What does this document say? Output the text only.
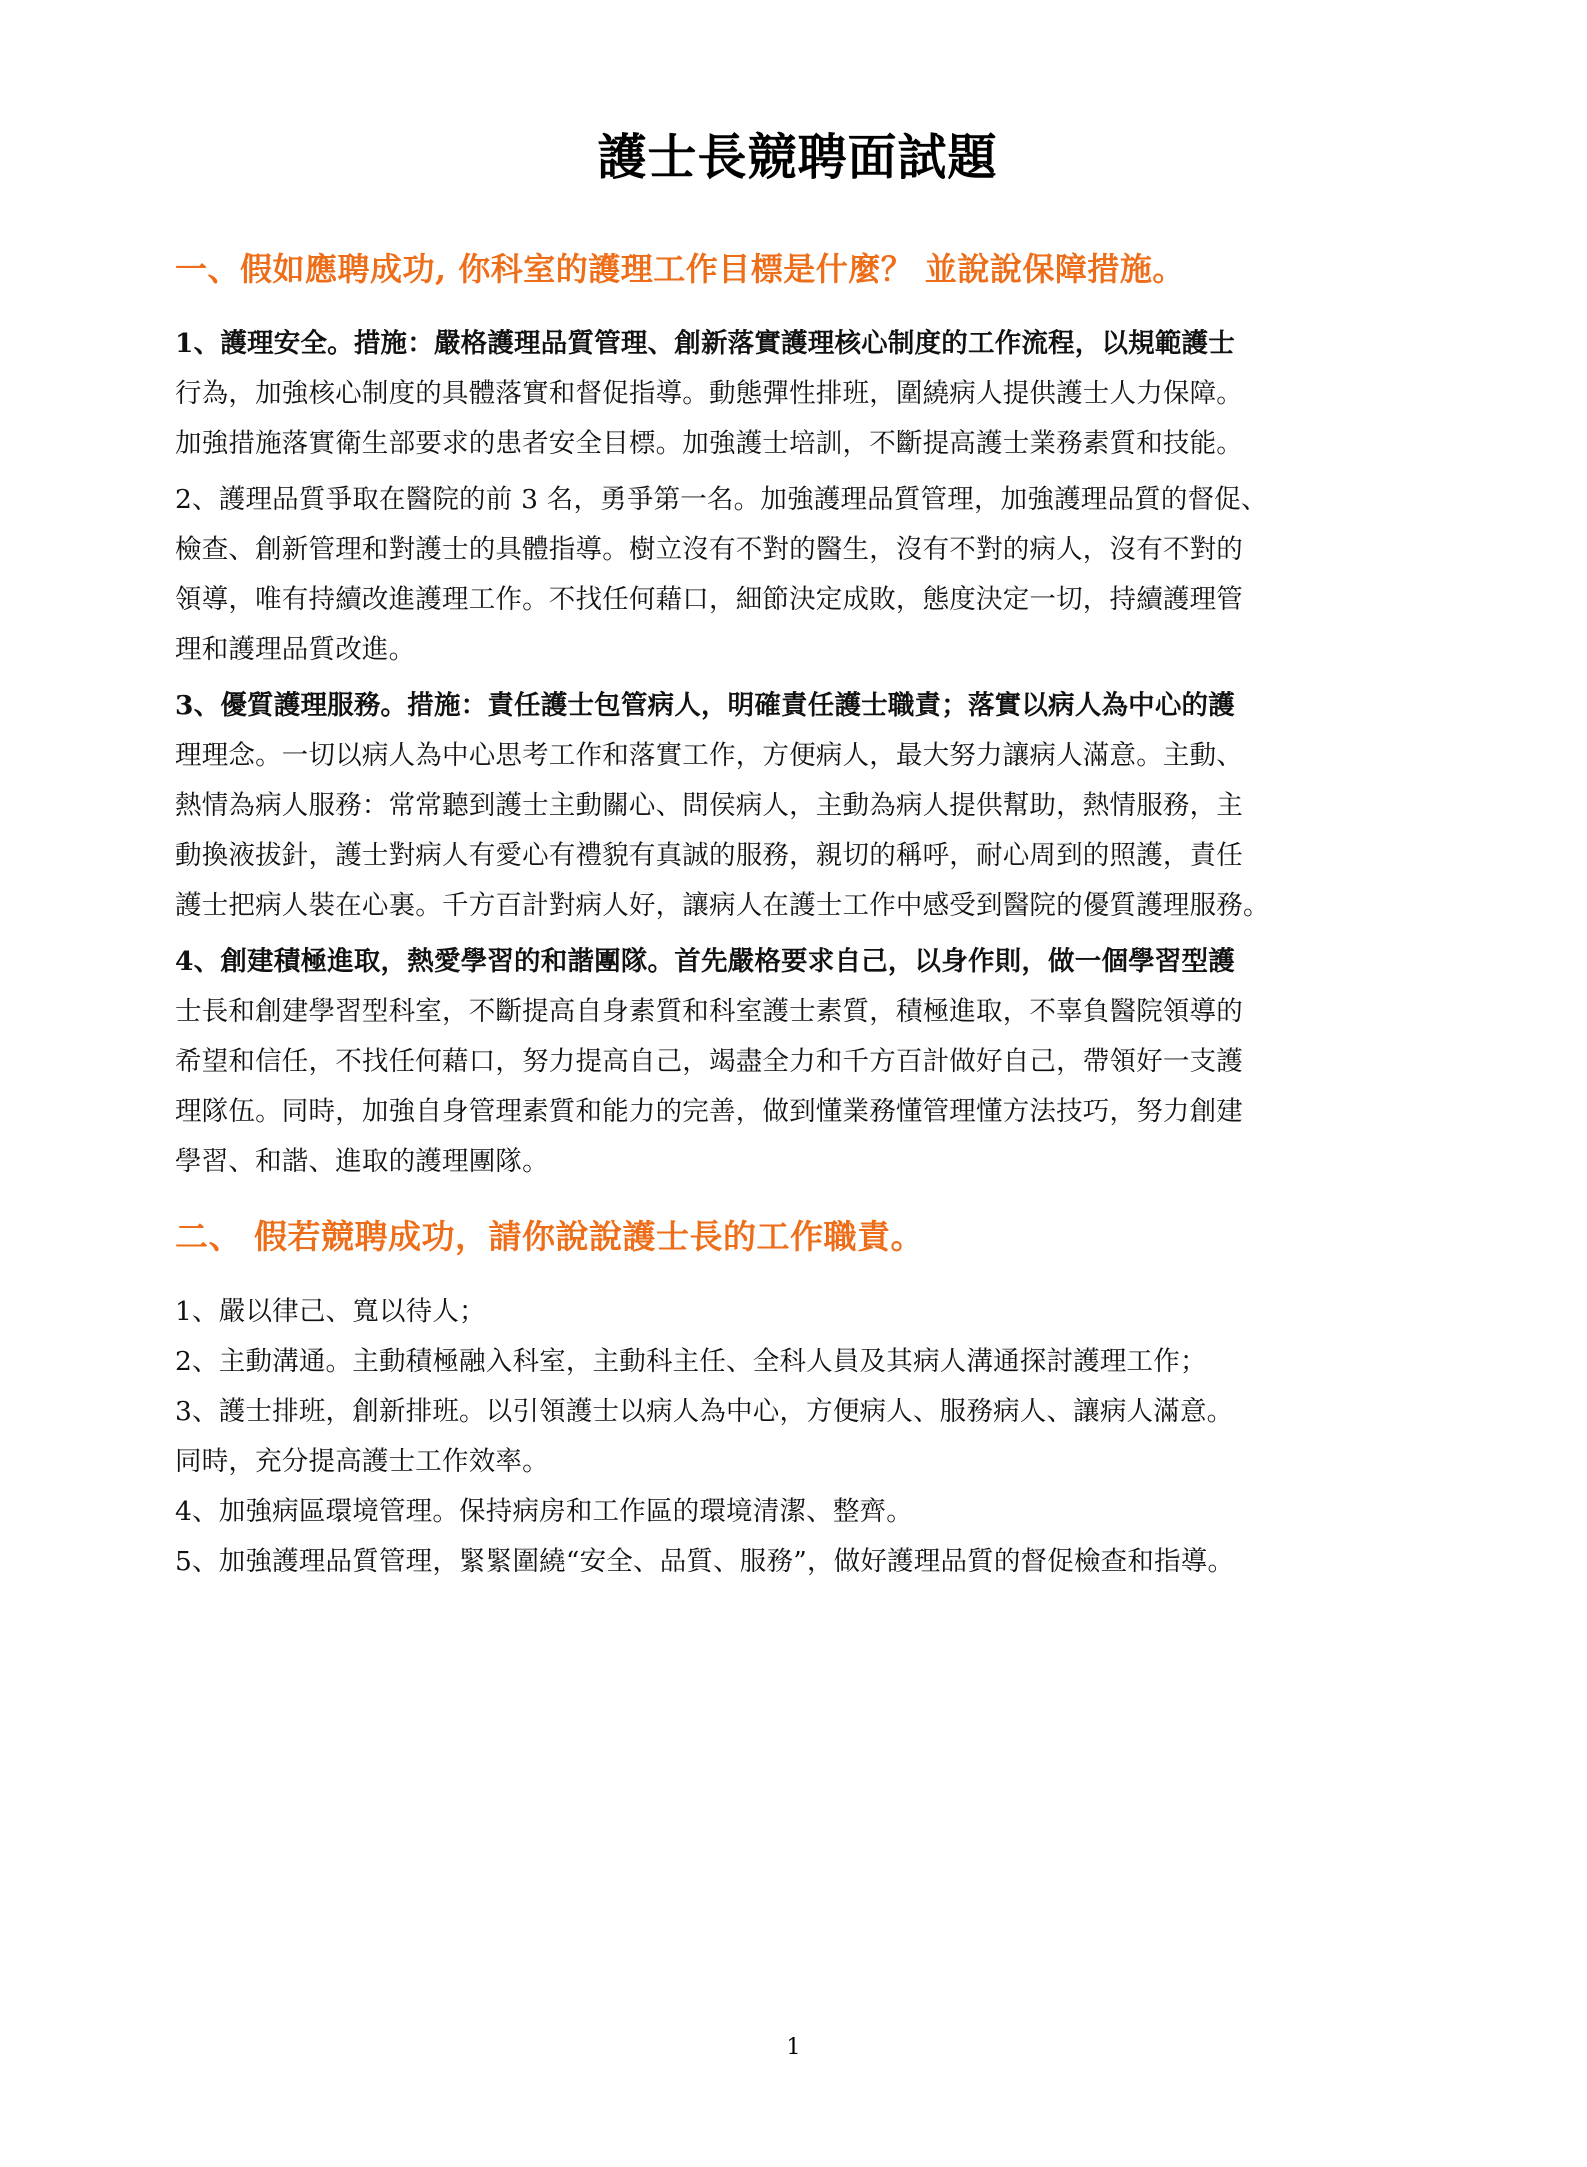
護士長競聘面試題
一、假如應聘成功, 你科室的護理工作目標是什麼？ 並說說保障措施。

1、護理安全。措施：嚴格護理品質管理、創新落實護理核心制度的工作流程，以規範護士

行為，加強核心制度的具體落實和督促指導。動態彈性排班，圍繞病人提供護士人力保障。

加強措施落實衛生部要求的患者安全目標。加強護士培訓，不斷提高護士業務素質和技能。

2、護理品質爭取在醫院的前 3 名，勇爭第一名。加強護理品質管理，加強護理品質的督促、

檢查、創新管理和對護士的具體指導。樹立沒有不對的醫生，沒有不對的病人，沒有不對的

領導，唯有持續改進護理工作。不找任何藉口，細節決定成敗，態度決定一切，持續護理管

理和護理品質改進。

3、優質護理服務。措施：責任護士包管病人，明確責任護士職責；落實以病人為中心的護

理理念。一切以病人為中心思考工作和落實工作，方便病人，最大努力讓病人滿意。主動、

熱情為病人服務：常常聽到護士主動關心、問侯病人，主動為病人提供幫助，熱情服務，主

動換液拔針，護士對病人有愛心有禮貌有真誠的服務，親切的稱呼，耐心周到的照護，責任

護士把病人裝在心裏。千方百計對病人好，讓病人在護士工作中感受到醫院的優質護理服務。

4、創建積極進取，熱愛學習的和諧團隊。首先嚴格要求自己，以身作則，做一個學習型護

士長和創建學習型科室，不斷提高自身素質和科室護士素質，積極進取，不辜負醫院領導的

希望和信任，不找任何藉口，努力提高自己，竭盡全力和千方百計做好自己，帶領好一支護

理隊伍。同時，加強自身管理素質和能力的完善，做到懂業務懂管理懂方法技巧，努力創建

學習、和諧、進取的護理團隊。

二、 假若競聘成功，請你說說護士長的工作職責。

1、嚴以律己、寬以待人；

2、主動溝通。主動積極融入科室，主動科主任、全科人員及其病人溝通探討護理工作；

3、護士排班，創新排班。以引領護士以病人為中心，方便病人、服務病人、讓病人滿意。

同時，充分提高護士工作效率。

4、加強病區環境管理。保持病房和工作區的環境清潔、整齊。

5、加強護理品質管理，緊緊圍繞“安全、品質、服務”，做好護理品質的督促檢查和指導。

1
